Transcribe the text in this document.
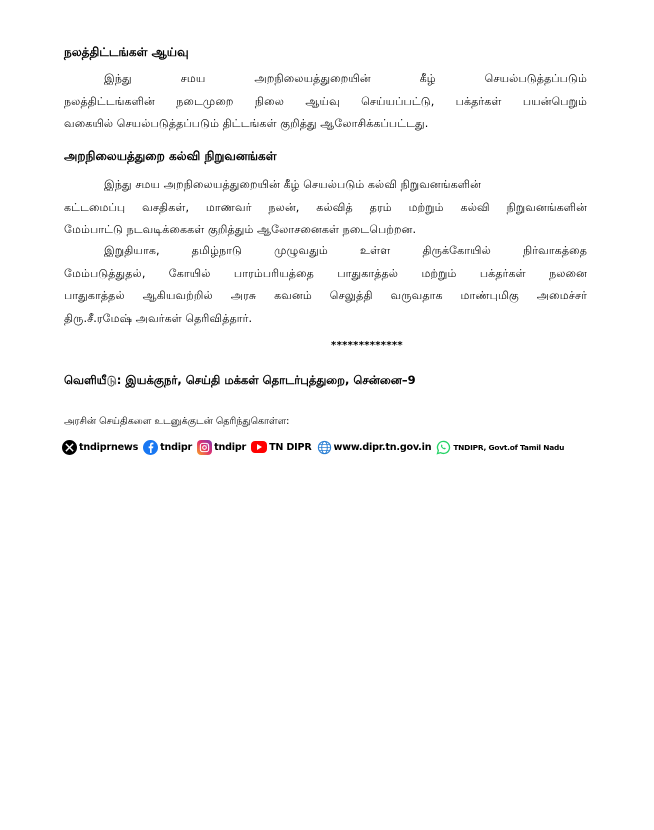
நலத்திட்டங்கள் ஆய்வு
இந்து சமய அறநிலையத்துறையின் கீழ் செயல்படுத்தப்படும்
நலத்திட்டங்களின் நடைமுறை நிலை ஆய்வு செய்யப்பட்டு, பக்தர்கள் பயன்பெறும்
வகையில் செயல்படுத்தப்படும் திட்டங்கள் குறித்து ஆலோசிக்கப்பட்டது.
அறநிலையத்துறை கல்வி நிறுவனங்கள்
இந்து சமய அறநிலையத்துறையின் கீழ் செயல்படும் கல்வி நிறுவனங்களின்
கட்டமைப்பு வசதிகள், மாணவர் நலன், கல்வித் தரம் மற்றும் கல்வி நிறுவனங்களின்
மேம்பாட்டு நடவடிக்கைகள் குறித்தும் ஆலோசனைகள் நடைபெற்றன.
இறுதியாக, தமிழ்நாடு முழுவதும் உள்ள திருக்கோயில் நிர்வாகத்தை
மேம்படுத்துதல், கோயில் பாரம்பரியத்தை பாதுகாத்தல் மற்றும் பக்தர்கள் நலனை
பாதுகாத்தல் ஆகியவற்றில் அரசு கவனம் செலுத்தி வருவதாக மாண்புமிகு அமைச்சர்
திரு.சீ.ரமேஷ் அவர்கள் தெரிவித்தார்.
*************
வெளியீடு: இயக்குநர், செய்தி மக்கள் தொடர்புத்துறை, சென்னை–9
அரசின் செய்திகளை உடனுக்குடன் தெரிந்துகொள்ள:
tndiprnews tndipr tndipr TN DIPR www.dipr.tn.gov.in	TNDIPR, Govt.of Tamil Nadu
